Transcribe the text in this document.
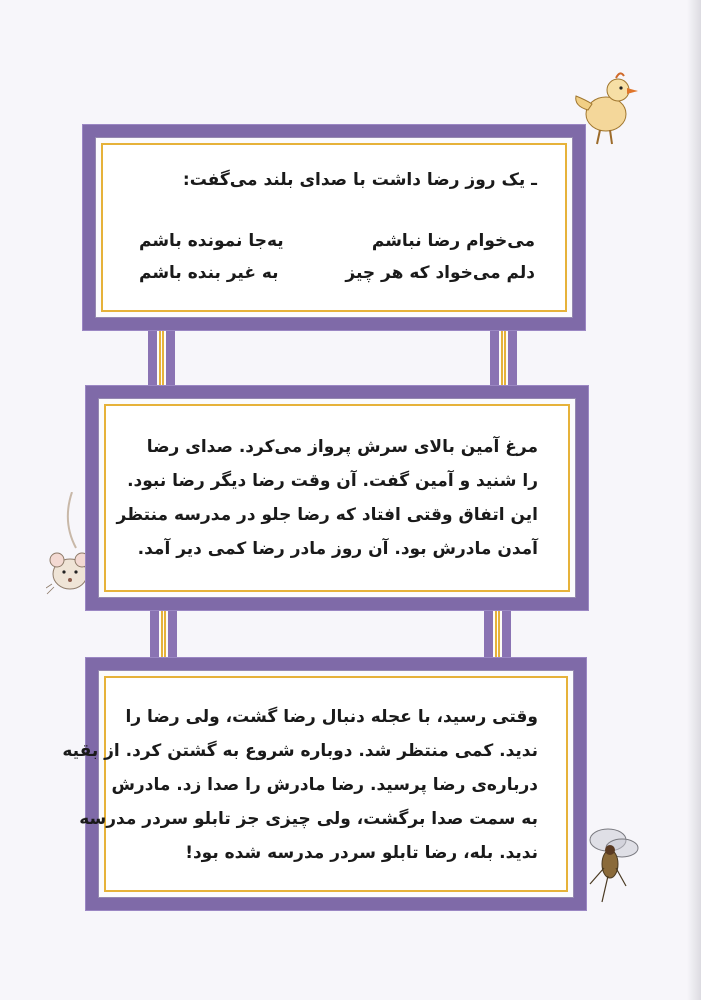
ـ یک روز رضا داشت با صدای بلند می‌گفت:
می‌خوام رضا نباشم
یه‌جا نمونده باشم
دلم می‌خواد که هر چیز
به غیر بنده باشم
مرغ آمین بالای سرش پرواز می‌کرد. صدای رضا
را شنید و آمین گفت. آن وقت رضا دیگر رضا نبود.
این اتفاق وقتی افتاد که رضا جلو در مدرسه منتظر
آمدن مادرش بود. آن روز مادر رضا کمی دیر آمد.
وقتی رسید، با عجله دنبال رضا گشت، ولی رضا را
ندید. کمی منتظر شد. دوباره شروع به گشتن کرد. از بقیه
درباره‌ی رضا پرسید. رضا مادرش را صدا زد. مادرش
به سمت صدا برگشت، ولی چیزی جز تابلو سردر مدرسه
ندید. بله، رضا تابلو سردر مدرسه شده بود!
